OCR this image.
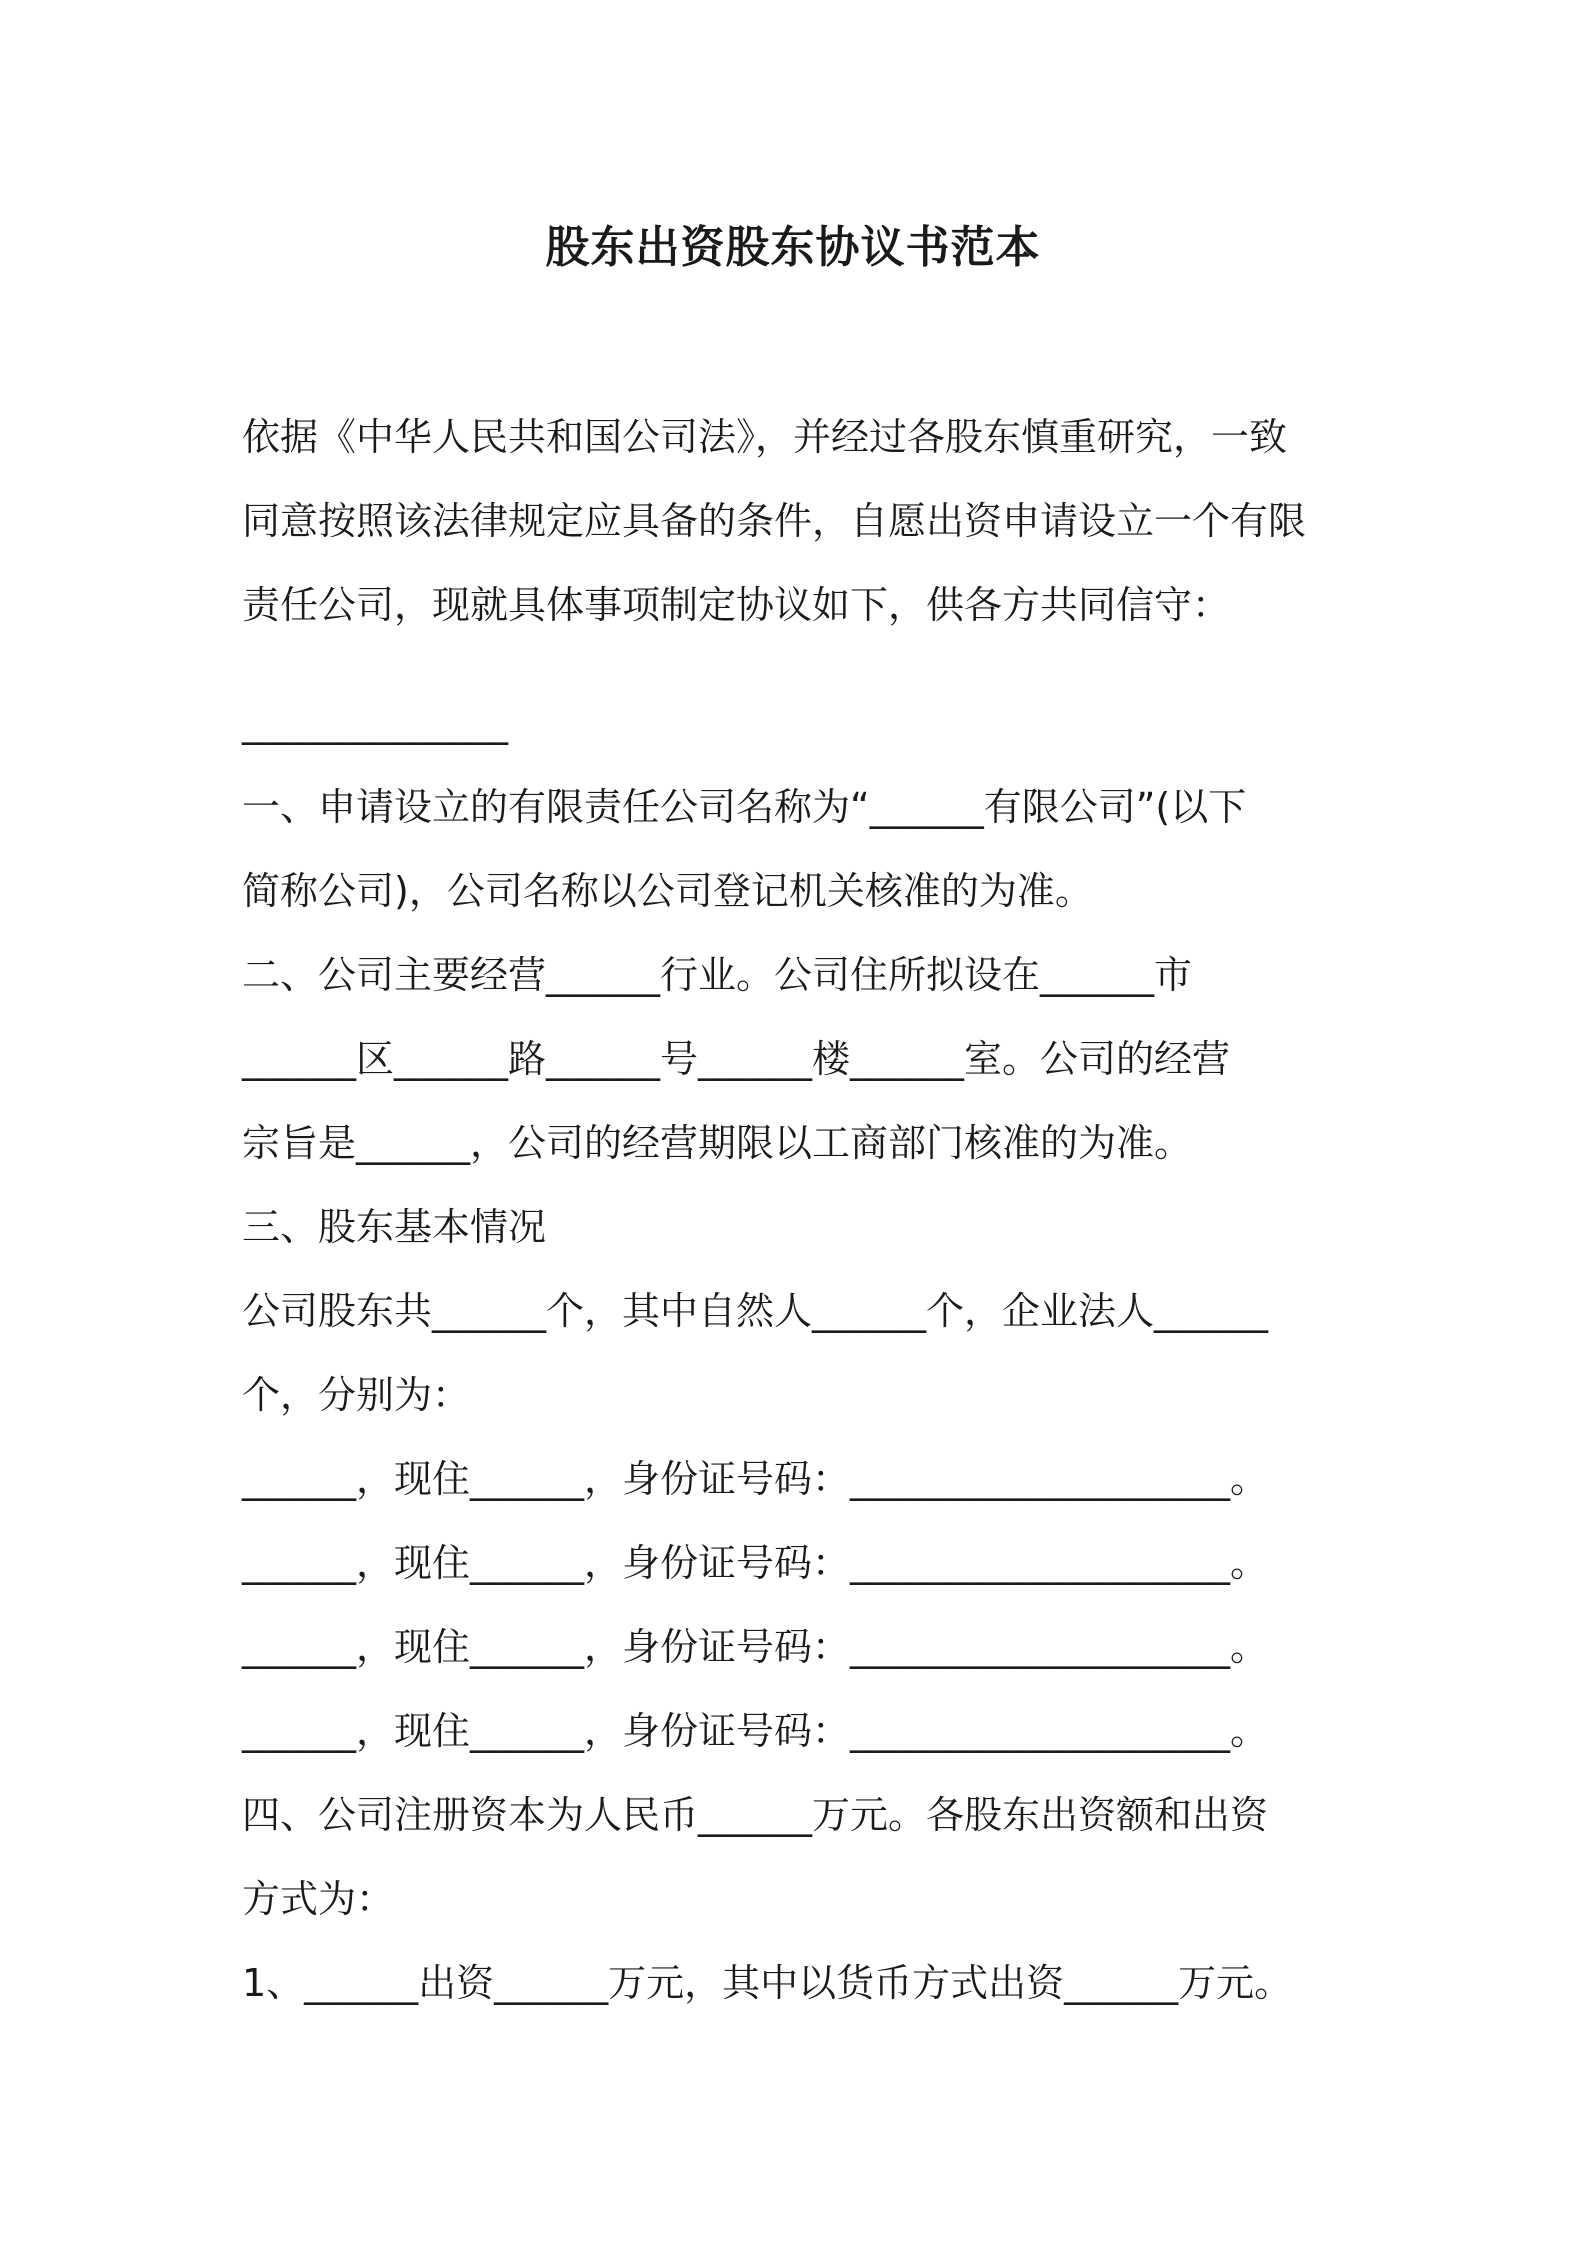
股东出资股东协议书范本
依据《中华人民共和国公司法》，并经过各股东慎重研究，一致
同意按照该法律规定应具备的条件，自愿出资申请设立一个有限
责任公司，现就具体事项制定协议如下，供各方共同信守：
______________
一、申请设立的有限责任公司名称为“______有限公司”(以下
简称公司)，公司名称以公司登记机关核准的为准。
二、公司主要经营______行业。公司住所拟设在______市
______区______路______号______楼______室。公司的经营
宗旨是______，公司的经营期限以工商部门核准的为准。
三、股东基本情况
公司股东共______个，其中自然人______个，企业法人______
个，分别为：
______，现住______，身份证号码：____________________。
______，现住______，身份证号码：____________________。
______，现住______，身份证号码：____________________。
______，现住______，身份证号码：____________________。
四、公司注册资本为人民币______万元。各股东出资额和出资
方式为：
1、______出资______万元，其中以货币方式出资______万元。
